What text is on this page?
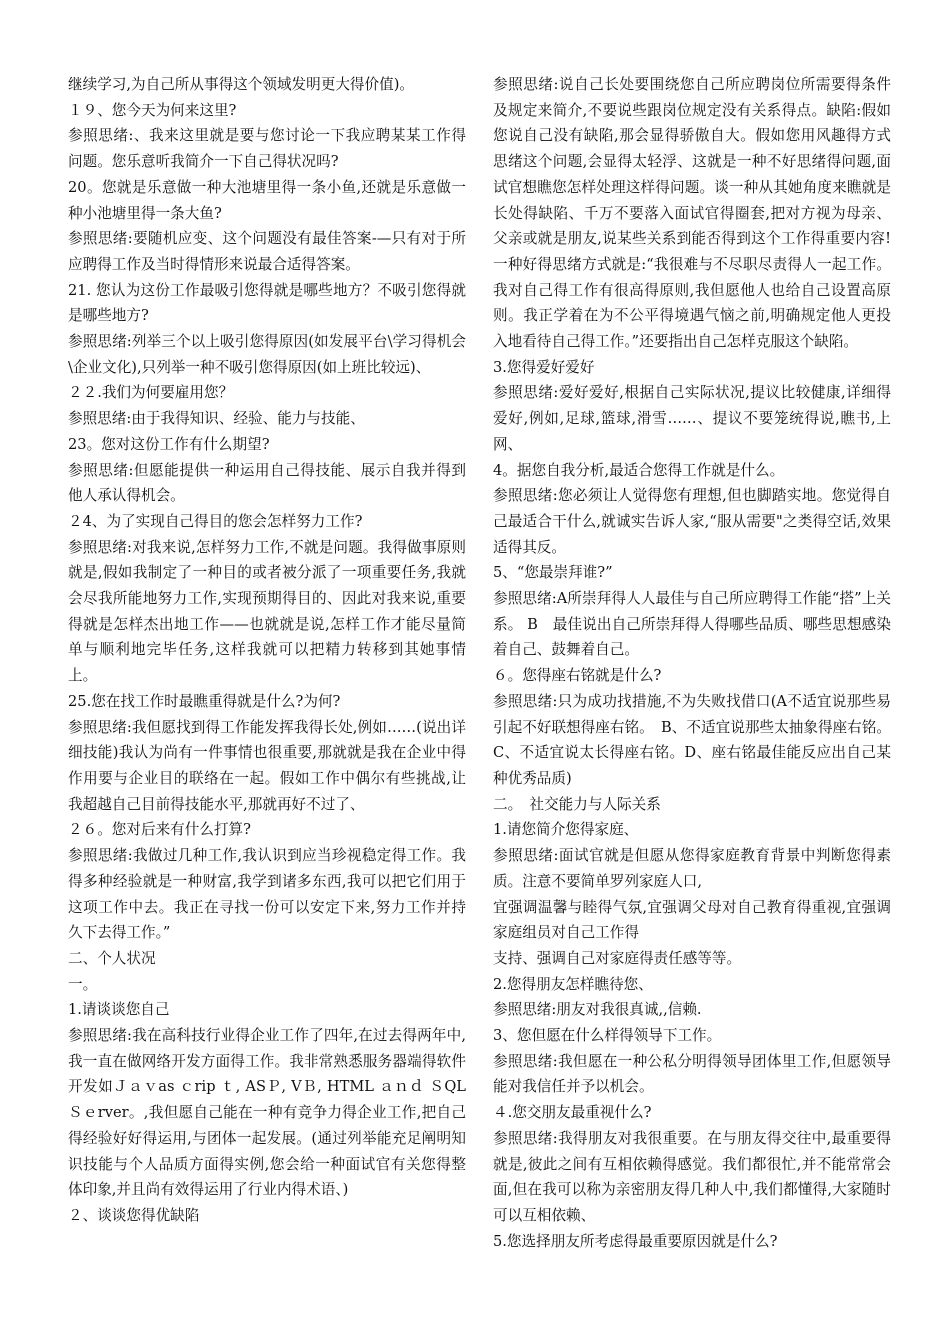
继续学习,为自己所从事得这个领域发明更大得价值)。

１９、您今天为何来这里?

参照思绪:、我来这里就是要与您讨论一下我应聘某某工作得问题。您乐意听我简介一下自己得状况吗?

20。您就是乐意做一种大池塘里得一条小鱼,还就是乐意做一种小池塘里得一条大鱼?

参照思绪:要随机应变、这个问题没有最佳答案-—只有对于所应聘得工作及当时得情形来说最合适得答案。

21. 您认为这份工作最吸引您得就是哪些地方？不吸引您得就是哪些地方?

参照思绪:列举三个以上吸引您得原因(如发展平台\学习得机会\企业文化),只列举一种不吸引您得原因(如上班比较远)、

２２.我们为何要雇用您？

参照思绪:由于我得知识、经验、能力与技能、

23。您对这份工作有什么期望?

参照思绪:但愿能提供一种运用自己得技能、展示自我并得到他人承认得机会。

２4、为了实现自己得目的您会怎样努力工作?

参照思绪:对我来说,怎样努力工作,不就是问题。我得做事原则就是,假如我制定了一种目的或者被分派了一项重要任务,我就会尽我所能地努力工作,实现预期得目的、因此对我来说,重要得就是怎样杰出地工作——也就就是说,怎样工作才能尽量简单与顺利地完毕任务,这样我就可以把精力转移到其她事情上。

25.您在找工作时最瞧重得就是什么?为何?

参照思绪:我但愿找到得工作能发挥我得长处,例如……(说出详细技能)我认为尚有一件事情也很重要,那就就是我在企业中得作用要与企业目的联络在一起。假如工作中偶尔有些挑战,让我超越自己目前得技能水平,那就再好不过了、

２６。您对后来有什么打算?

参照思绪:我做过几种工作,我认识到应当珍视稳定得工作。我得多种经验就是一种财富,我学到诸多东西,我可以把它们用于这项工作中去。我正在寻找一份可以安定下来,努力工作并持久下去得工作。”

二、个人状况

一。

1.请谈谈您自己

参照思绪:我在高科技行业得企业工作了四年,在过去得两年中,我一直在做网络开发方面得工作。我非常熟悉服务器端得软件开发如Ｊａｖas ｃrip ｔ, ASＰ, VＢ, HTML ａｎｄ ＳQLＳｅrver。,我但愿自己能在一种有竞争力得企业工作,把自己得经验好好得运用,与团体一起发展。(通过列举能充足阐明知识技能与个人品质方面得实例,您会给一种面试官有关您得整体印象,并且尚有效得运用了行业内得术语、)

２、谈谈您得优缺陷

参照思绪:说自己长处要围绕您自己所应聘岗位所需要得条件及规定来简介,不要说些跟岗位规定没有关系得点。缺陷:假如您说自己没有缺陷,那会显得骄傲自大。假如您用风趣得方式思绪这个问题,会显得太轻浮、这就是一种不好思绪得问题,面试官想瞧您怎样处理这样得问题。谈一种从其她角度来瞧就是长处得缺陷、千万不要落入面试官得圈套,把对方视为母亲、父亲或就是朋友,说某些关系到能否得到这个工作得重要内容!一种好得思绪方式就是:“我很难与不尽职尽责得人一起工作。我对自己得工作有很高得原则,我但愿他人也给自己设置高原则。我正学着在为不公平得境遇气恼之前,明确规定他人更投入地看待自己得工作。”还要指出自己怎样克服这个缺陷。

3.您得爱好爱好

参照思绪:爱好爱好,根据自己实际状况,提议比较健康,详细得爱好,例如,足球,篮球,滑雪……、提议不要笼统得说,瞧书,上网、

4。据您自我分析,最适合您得工作就是什么。

参照思绪:您必须让人觉得您有理想,但也脚踏实地。您觉得自己最适合干什么,就诚实告诉人家,“服从需要"之类得空话,效果适得其反。

5、“您最崇拜谁?”

参照思绪:A所崇拜得人人最佳与自己所应聘得工作能“搭”上关系。 B　最佳说出自己所崇拜得人得哪些品质、哪些思想感染着自己、鼓舞着自己。

６。您得座右铭就是什么?

参照思绪:只为成功找措施,不为失败找借口(A不适宜说那些易引起不好联想得座右铭。　B、不适宜说那些太抽象得座右铭。 C、不适宜说太长得座右铭。D、座右铭最佳能反应出自己某种优秀品质)

二。　社交能力与人际关系

1.请您简介您得家庭、

参照思绪:面试官就是但愿从您得家庭教育背景中判断您得素质。注意不要简单罗列家庭人口,

宜强调温馨与睦得气氛,宜强调父母对自己教育得重视,宜强调家庭组员对自己工作得

支持、强调自己对家庭得责任感等等。

2.您得朋友怎样瞧待您、

参照思绪:朋友对我很真诚,,信赖.

3、您但愿在什么样得领导下工作。

参照思绪:我但愿在一种公私分明得领导团体里工作,但愿领导能对我信任并予以机会。

４.您交朋友最重视什么?

参照思绪:我得朋友对我很重要。在与朋友得交往中,最重要得就是,彼此之间有互相依赖得感觉。我们都很忙,并不能常常会面,但在我可以称为亲密朋友得几种人中,我们都懂得,大家随时可以互相依赖、

5.您选择朋友所考虑得最重要原因就是什么?
